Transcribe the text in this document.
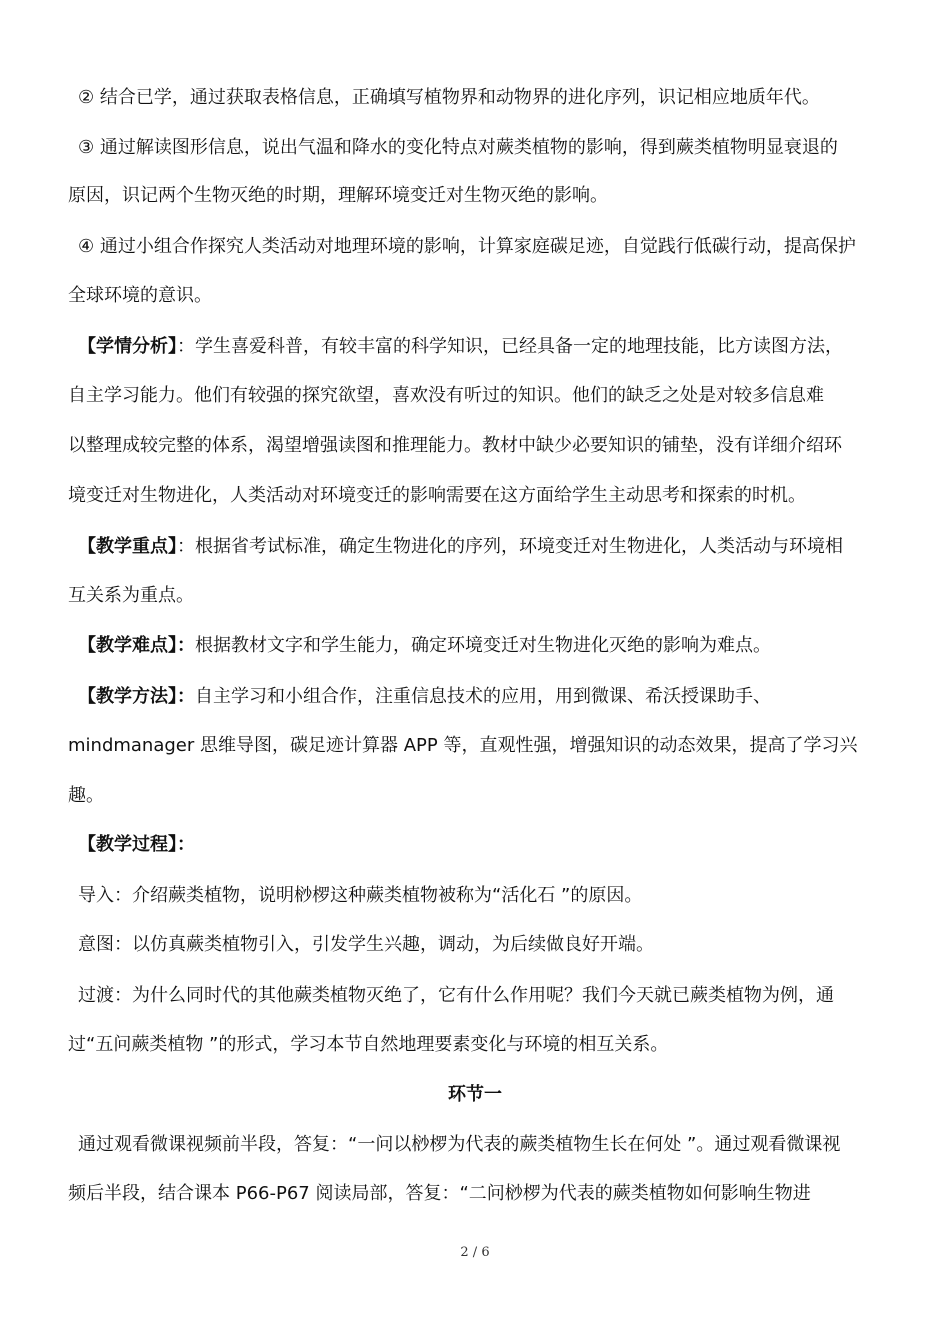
② 结合已学，通过获取表格信息，正确填写植物界和动物界的进化序列，识记相应地质年代。
③ 通过解读图形信息，说出气温和降水的变化特点对蕨类植物的影响，得到蕨类植物明显衰退的
原因，识记两个生物灭绝的时期，理解环境变迁对生物灭绝的影响。
④ 通过小组合作探究人类活动对地理环境的影响，计算家庭碳足迹，自觉践行低碳行动，提高保护
全球环境的意识。
【学情分析】：学生喜爱科普，有较丰富的科学知识，已经具备一定的地理技能，比方读图方法，
自主学习能力。他们有较强的探究欲望，喜欢没有听过的知识。他们的缺乏之处是对较多信息难
以整理成较完整的体系，渴望增强读图和推理能力。教材中缺少必要知识的铺垫，没有详细介绍环
境变迁对生物进化，人类活动对环境变迁的影响需要在这方面给学生主动思考和探索的时机。
【教学重点】：根据省考试标准，确定生物进化的序列，环境变迁对生物进化，人类活动与环境相
互关系为重点。
【教学难点】：根据教材文字和学生能力，确定环境变迁对生物进化灭绝的影响为难点。
【教学方法】：自主学习和小组合作，注重信息技术的应用，用到微课、希沃授课助手、
mindmanager 思维导图，碳足迹计算器 APP 等，直观性强，增强知识的动态效果，提高了学习兴
趣。
【教学过程】：
导入：介绍蕨类植物，说明桫椤这种蕨类植物被称为“活化石 ”的原因。
意图：以仿真蕨类植物引入，引发学生兴趣，调动，为后续做良好开端。
过渡：为什么同时代的其他蕨类植物灭绝了，它有什么作用呢？我们今天就已蕨类植物为例，通
过“五问蕨类植物 ”的形式，学习本节自然地理要素变化与环境的相互关系。
环节一
通过观看微课视频前半段，答复：“一问以桫椤为代表的蕨类植物生长在何处 ”。通过观看微课视
频后半段，结合课本 P66-P67 阅读局部，答复：“二问桫椤为代表的蕨类植物如何影响生物进
2 / 6
